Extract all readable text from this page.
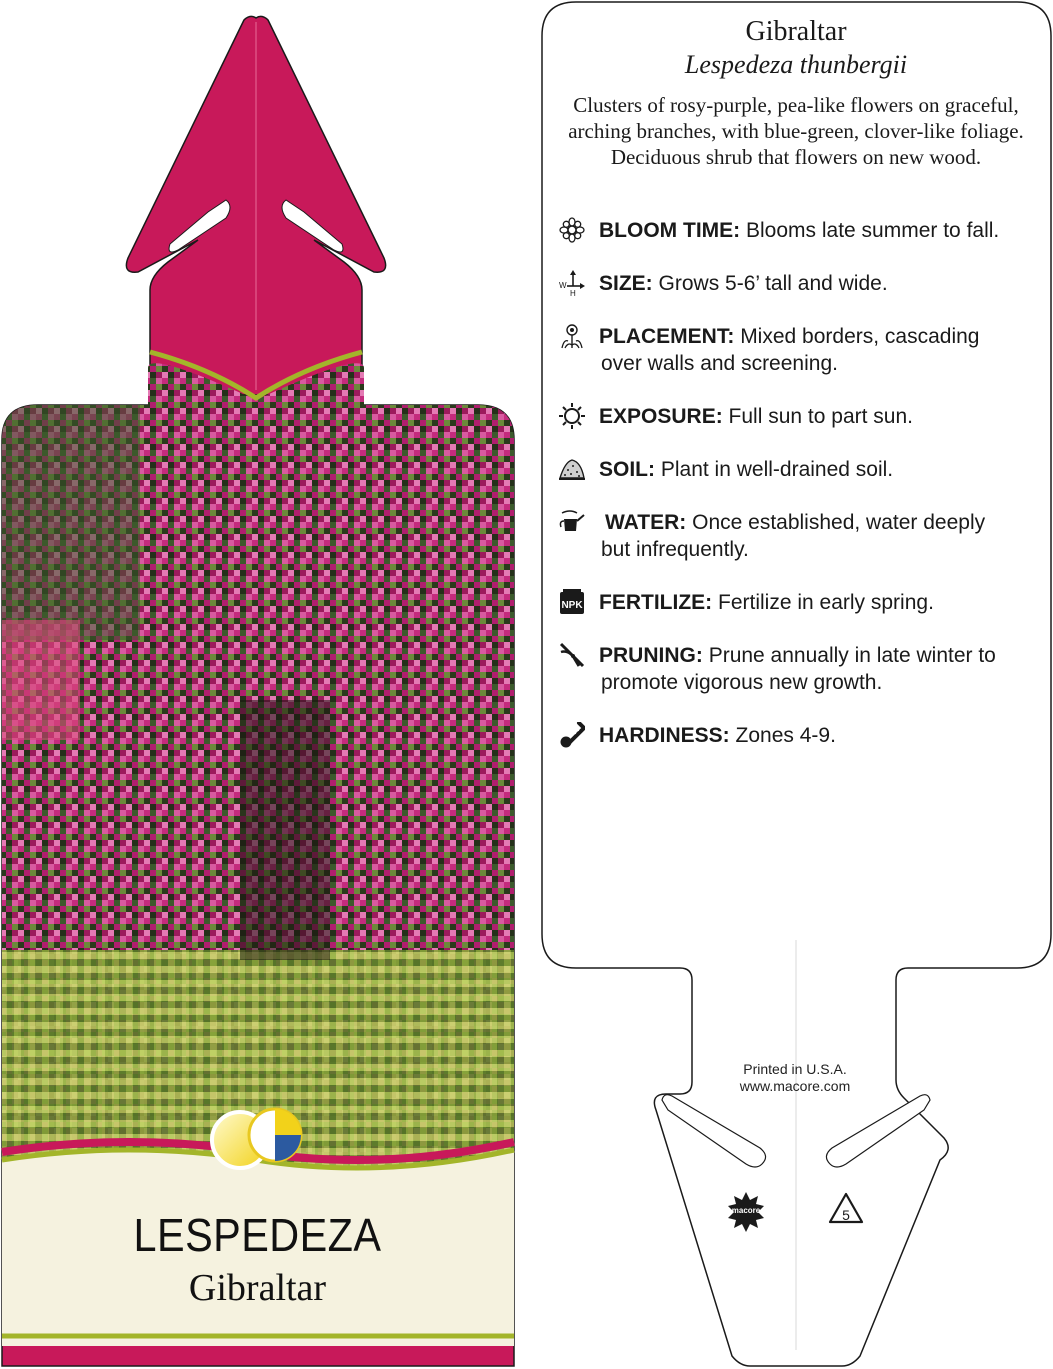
5
LESPEDEZA
Gibraltar
Gibraltar
Lespedeza thunbergii
Clusters of rosy-purple, pea-like flowers on graceful, arching branches, with blue-green, clover-like foliage. Deciduous shrub that flowers on new wood.
BLOOM TIME: Blooms late summer to fall.
W
H SIZE: Grows 5-6’ tall and wide.
PLACEMENT: Mixed borders, cascading
over walls and screening.
EXPOSURE: Full sun to part sun.
SOIL: Plant in well-drained soil.
WATER: Once established, water deeply
but infrequently.
NPK FERTILIZE: Fertilize in early spring.
PRUNING: Prune annually in late winter to
promote vigorous new growth.
HARDINESS: Zones 4-9.
Printed in U.S.A.
www.macore.com
macore
